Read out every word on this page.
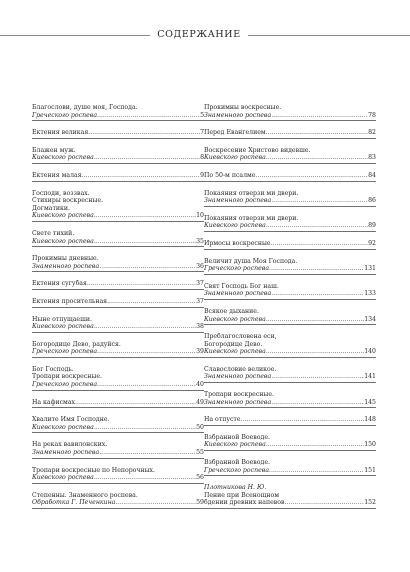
СОДЕРЖАНИЕ
Благослови, душе моя, Господа.
Греческого роспева .....	5
Ектения великая .....	7
Блажен муж.
Киевского роспева .....	8
Ектения малая .....	9
Господи, воззвах.
Стихиры воскресные.
Догматики.
Киевского роспева .....	10
Свете тихий.
Киевского роспева .....	35
Прокимны дневные.
Знаменного роспева .....	36
Ектения сугубая .....	37
Ектения просительная .....	37
Ныне отпущаеши.
Киевского роспева .....	38
Богородице Дево, радуйся.
Греческого роспева .....	39
Бог Господь.
Тропари воскресные.
Греческого роспева .....	40
На кафисмах .....	49
Хвалите Имя Господне.
Киевского роспева .....	50
На реках вавилонских.
Знаменного роспева .....	55
Тропари воскресные по Непорочных.
Киевского роспева .....	56
Степенны. Знаменного роспева.
Обработка Г. Печенкина .....	59
Прокимны воскресные.
Знаменного роспева .....	78
Перед Евангелием .....	82
Воскресение Христово видевше.
Киевского роспева .....	83
По 50-м псалме .....	84
Покаяния отверзи ми двери.
Знаменного роспева .....	86
Покаяния отверзи ми двери.
Киевского роспева .....	89
Ирмосы воскресные .....	92
Величит душа Моя Господа.
Греческого роспева .....	131
Свят Господь Бог наш.
Знаменного роспева .....	133
Всякое дыхание.
Киевского роспева .....	134
Преблагословена еси,
Богородице Дево.
Киевского роспева .....	140
Славословие великое.
Знаменного роспева .....	141
Тропари воскресные.
Знаменного роспева .....	145
На отпусте .....	148
Взбранной Воеводе.
Киевского роспева .....	150
Взбранной Воеводе.
Греческого роспева .....	151
Плотникова Н. Ю.
Пение при Всенощном
бдении древних напевов .....	152
